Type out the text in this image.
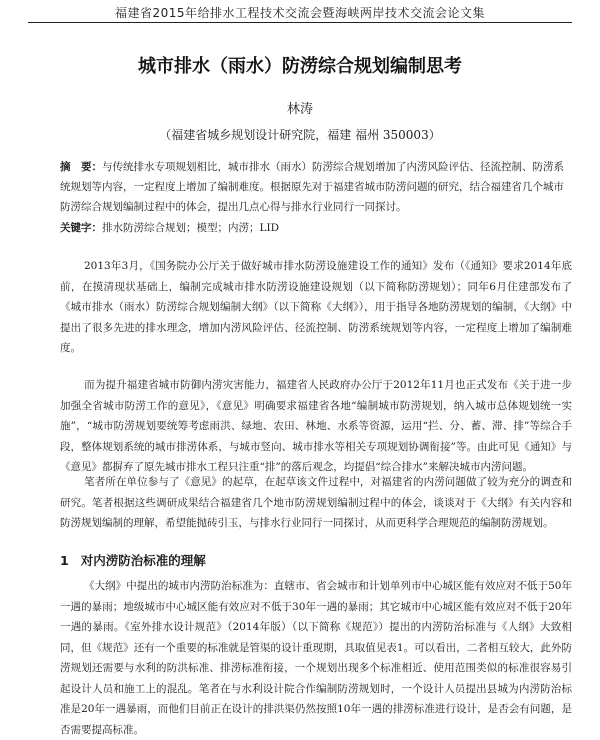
福建省2015年给排水工程技术交流会暨海峡两岸技术交流会论文集
城市排水（雨水）防涝综合规划编制思考
林涛
（福建省城乡规划设计研究院，福建 福州 350003）

摘　要：与传统排水专项规划相比，城市排水（雨水）防涝综合规划增加了内涝风险评估、径流控制、防涝系统规划等内容，一定程度上增加了编制难度。根据原先对于福建省城市防涝问题的研究，结合福建省几个城市防涝综合规划编制过程中的体会，提出几点心得与排水行业同行一同探讨。

关键字：排水防涝综合规划；模型；内涝；LID

2013年3月，《国务院办公厅关于做好城市排水防涝设施建设工作的通知》发布（《通知》要求2014年底前，在摸清现状基础上，编制完成城市排水防涝设施建设规划（以下简称防涝规划）；同年6月住建部发布了《城市排水（雨水）防涝综合规划编制大纲》（以下简称《大纲》），用于指导各地防涝规划的编制，《大纲》中提出了很多先进的排水理念，增加内涝风险评估、径流控制、防涝系统规划等内容，一定程度上增加了编制难度。

而为提升福建省城市防御内涝灾害能力，福建省人民政府办公厅于2012年11月也正式发布《关于进一步加强全省城市防涝工作的意见》，《意见》明确要求福建省各地“编制城市防涝规划，纳入城市总体规划统一实施”，“城市防涝规划要统筹考虑雨洪、绿地、农田、林地、水系等资源，运用“拦、分、蓄、滞、排”等综合手段，整体规划系统的城市排涝体系，与城市竖向、城市排水等相关专项规划协调衔接”等。由此可见《通知》与《意见》都摒弃了原先城市排水工程只注重“排”的落后观念，均提倡“综合排水”来解决城市内涝问题。

笔者所在单位参与了《意见》的起草，在起草该文件过程中，对福建省的内涝问题做了较为充分的调查和研究。笔者根据这些调研成果结合福建省几个地市防涝规划编制过程中的体会，谈谈对于《大纲》有关内容和防涝规划编制的理解，希望能抛砖引玉，与排水行业同行一同探讨，从而更科学合理规范的编制防涝规划。

1 对内涝防治标准的理解

《大纲》中提出的城市内涝防治标准为：直辖市、省会城市和计划单列市中心城区能有效应对不低于50年一遇的暴雨；地级城市中心城区能有效应对不低于30年一遇的暴雨；其它城市中心城区能有效应对不低于20年一遇的暴雨。《室外排水设计规范》（2014年版）（以下简称《规范》）提出的内涝防治标准与《人纲》大致相同，但《规范》还有一个重要的标准就是管渠的设计重现期，具取值见表1。可以看出，二者相互较大，此外防涝规划还需要与水利的防洪标准、排涝标准衔接，一个规划出现多个标准相近、使用范围类似的标准很容易引起设计人员和施工上的混乱。笔者在与水利设计院合作编制防涝规划时，一个设计人员提出县城为内涝防治标准是20年一遇暴雨，而他们目前正在设计的排洪渠仍然按照10年一遇的排涝标准进行设计，是否会有问题，是否需要提高标准。
